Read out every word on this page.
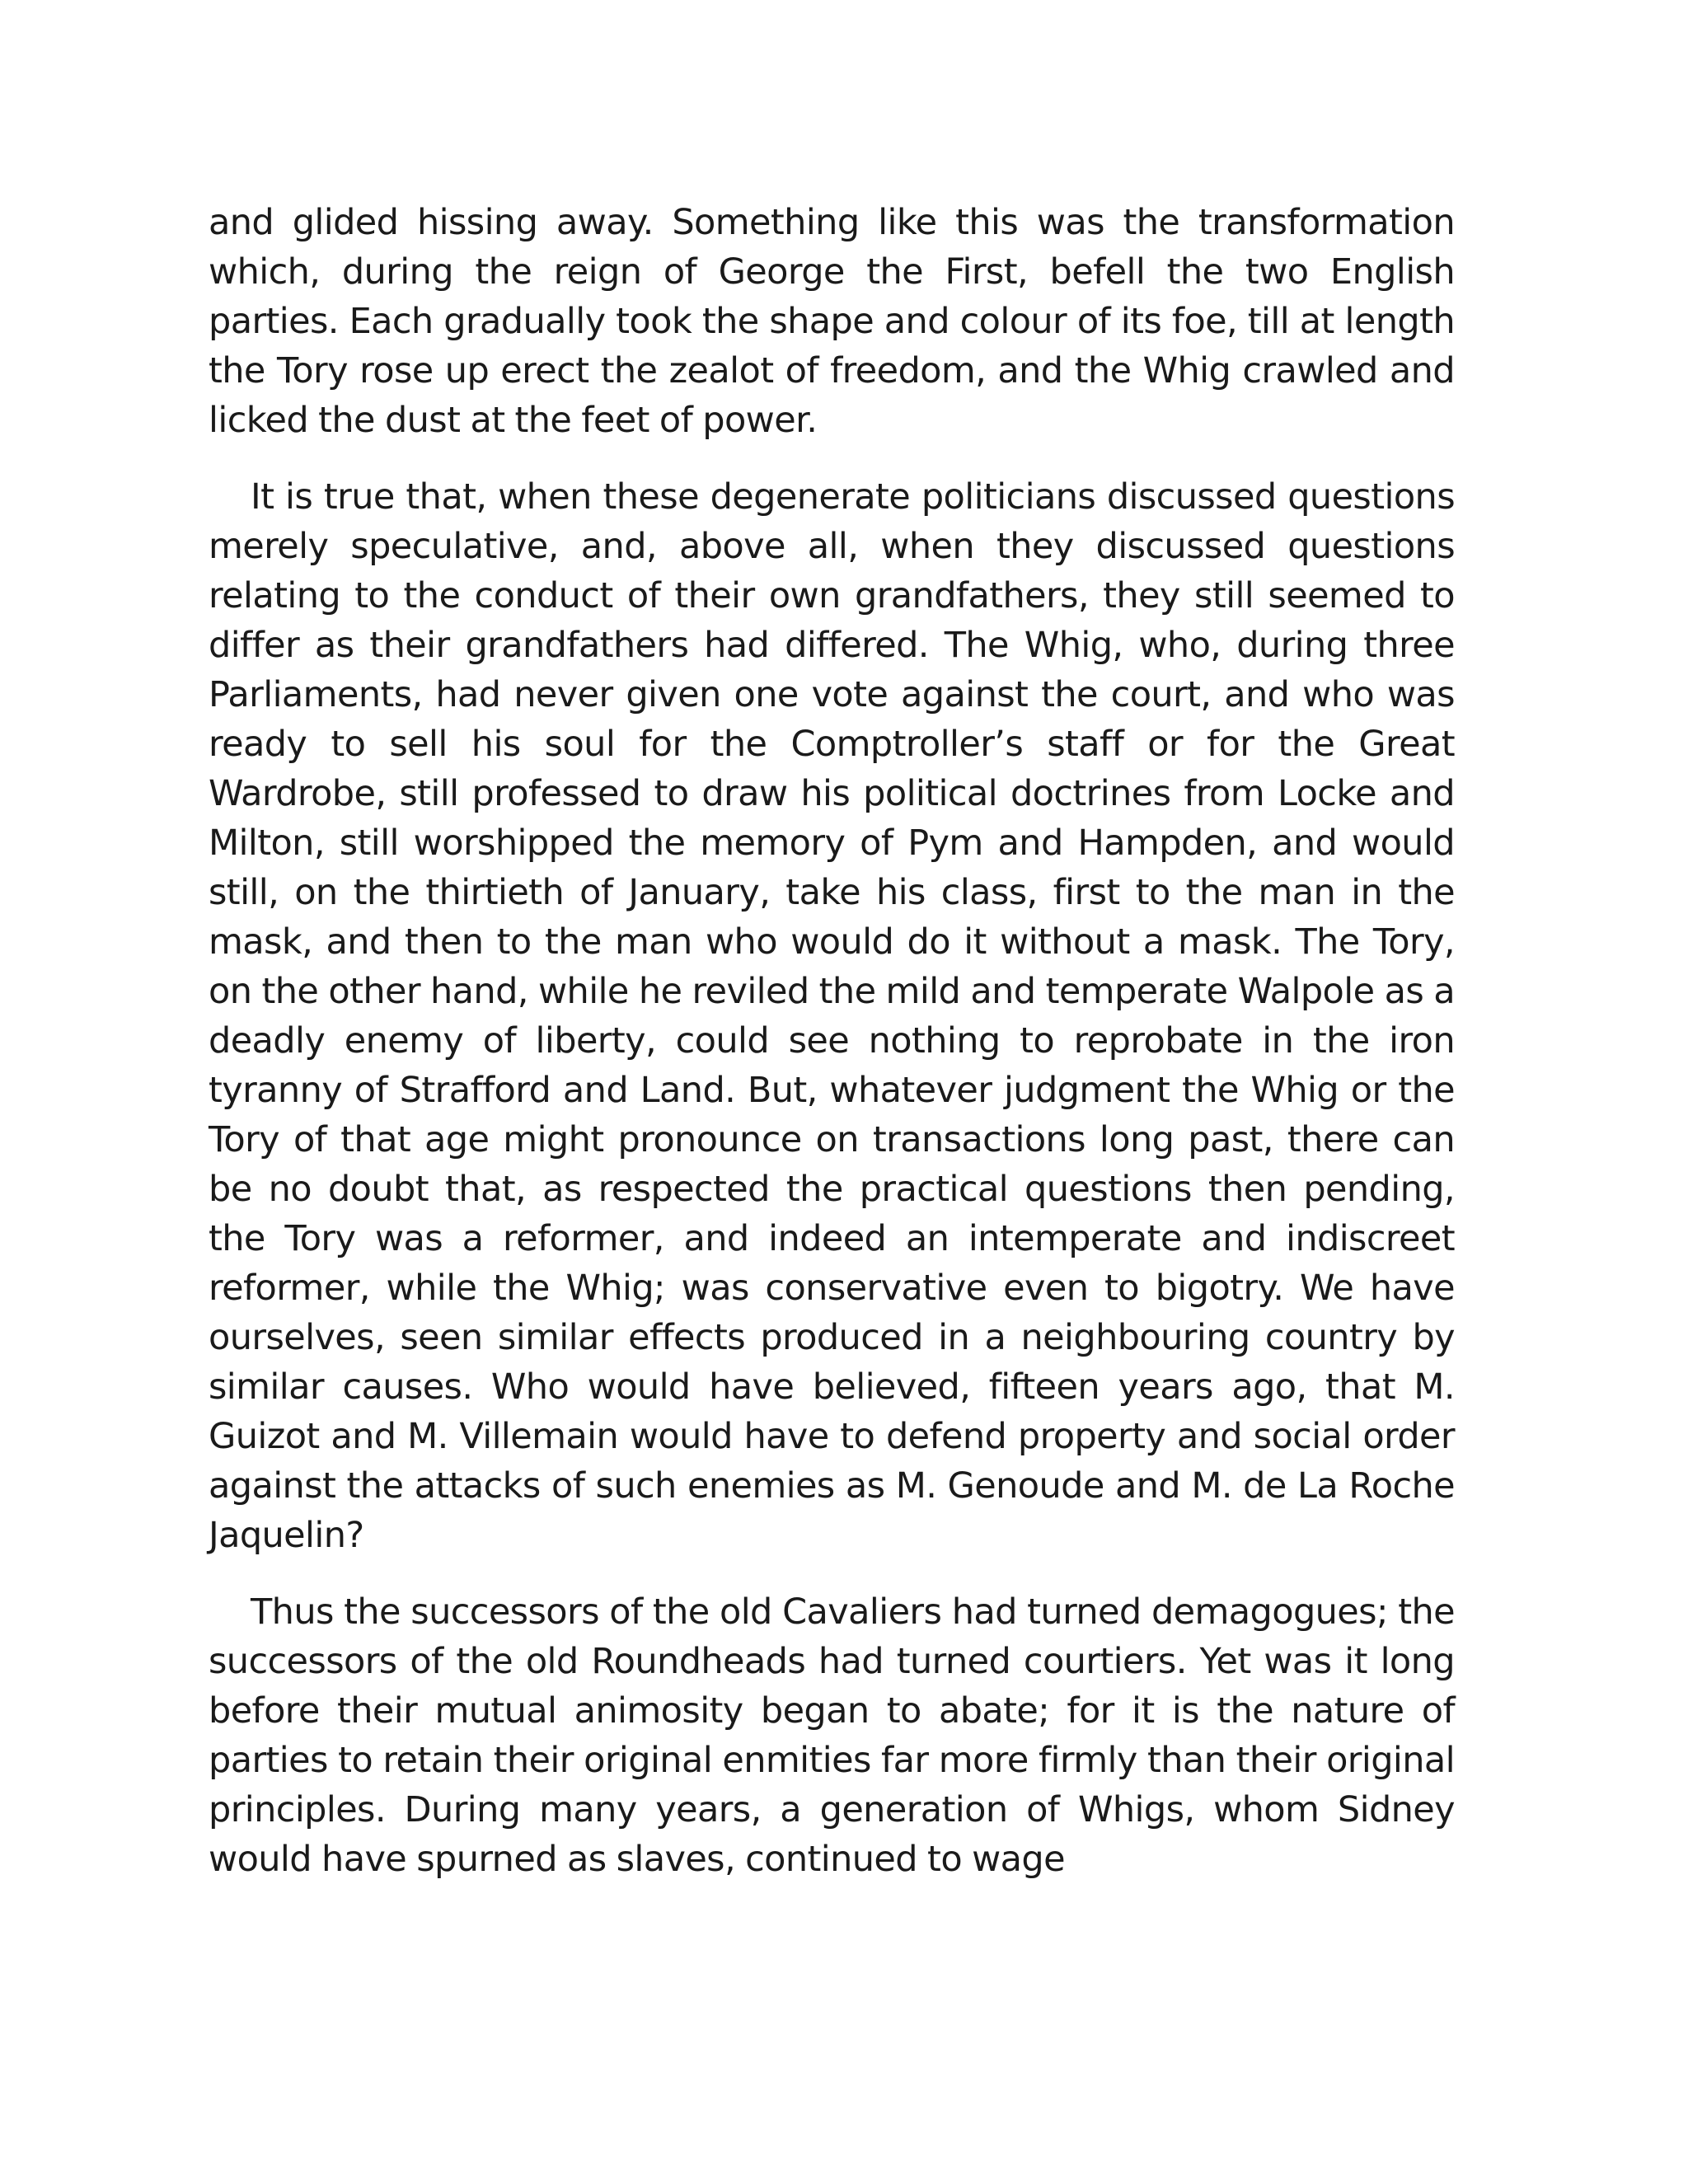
and glided hissing away. Something like this was the transformation which, during the reign of George the First, befell the two English parties. Each gradually took the shape and colour of its foe, till at length the Tory rose up erect the zealot of freedom, and the Whig crawled and licked the dust at the feet of power.

It is true that, when these degenerate politicians discussed questions merely speculative, and, above all, when they discussed questions relating to the conduct of their own grandfathers, they still seemed to differ as their grandfathers had differed. The Whig, who, during three Parliaments, had never given one vote against the court, and who was ready to sell his soul for the Comptroller’s staff or for the Great Wardrobe, still professed to draw his political doctrines from Locke and Milton, still worshipped the memory of Pym and Hampden, and would still, on the thirtieth of January, take his class, first to the man in the mask, and then to the man who would do it without a mask. The Tory, on the other hand, while he reviled the mild and temperate Walpole as a deadly enemy of liberty, could see nothing to reprobate in the iron tyranny of Strafford and Land. But, whatever judgment the Whig or the Tory of that age might pronounce on transactions long past, there can be no doubt that, as respected the practical questions then pending, the Tory was a reformer, and indeed an intemperate and indiscreet reformer, while the Whig; was conservative even to bigotry. We have ourselves, seen similar effects produced in a neighbouring country by similar causes. Who would have believed, fifteen years ago, that M. Guizot and M. Villemain would have to defend property and social order against the attacks of such enemies as M. Genoude and M. de La Roche Jaquelin?

Thus the successors of the old Cavaliers had turned demagogues; the successors of the old Roundheads had turned courtiers. Yet was it long before their mutual animosity began to abate; for it is the nature of parties to retain their original enmities far more firmly than their original principles. During many years, a generation of Whigs, whom Sidney would have spurned as slaves, continued to wage
